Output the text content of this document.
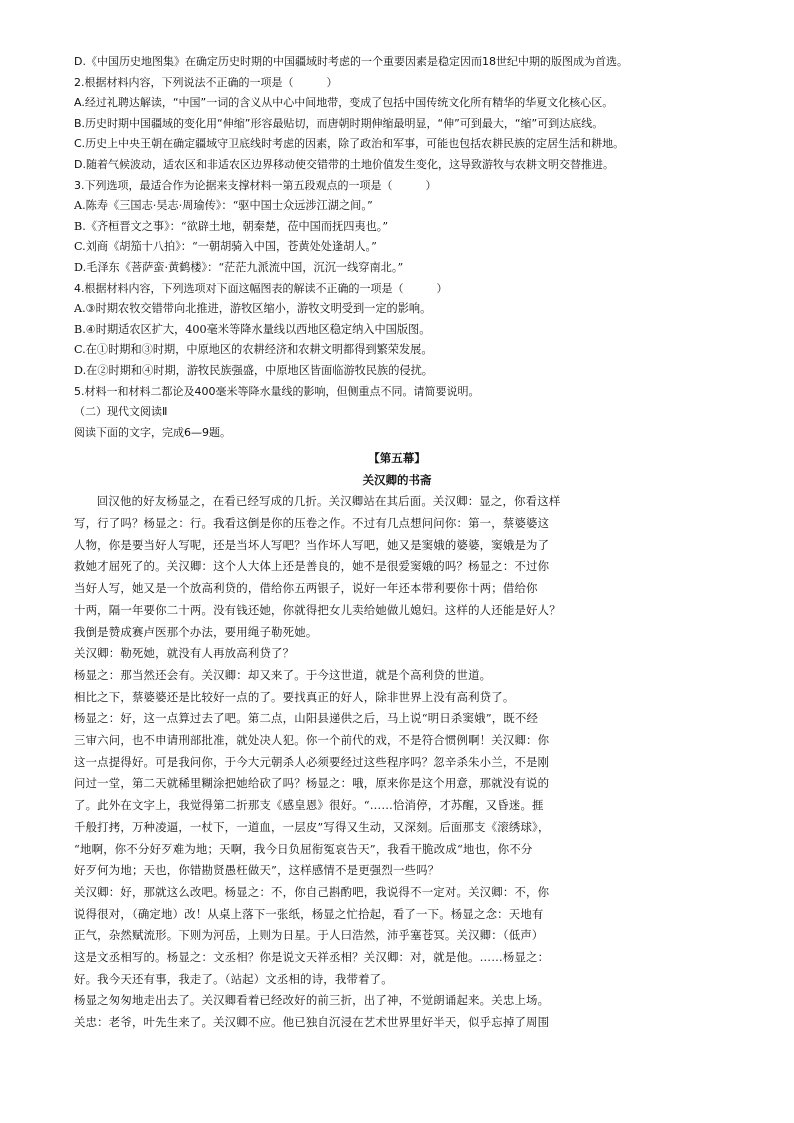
D.《中国历史地图集》在确定历史时期的中国疆域时考虑的一个重要因素是稳定因而18世纪中期的版图成为首选。
2.根据材料内容，下列说法不正确的一项是（　　　）
A.经过礼聘达解读，“中国”一词的含义从中心中间地带，变成了包括中国传统文化所有精华的华夏文化核心区。
B.历史时期中国疆域的变化用“伸缩”形容最贴切，而唐朝时期伸缩最明显，“伸”可到最大，“缩”可到达底线。
C.历史上中央王朝在确定疆域守卫底线时考虑的因素，除了政治和军事，可能也包括农耕民族的定居生活和耕地。
D.随着气候波动，适农区和非适农区边界移动使交错带的土地价值发生变化，这导致游牧与农耕文明交替推进。
3.下列选项，最适合作为论据来支撑材料一第五段观点的一项是（　　　）
A.陈寿《三国志·吴志·周瑜传》：“驱中国士众远涉江湖之间。”
B.《齐桓晋文之事》：“欲辟土地，朝秦楚，莅中国而抚四夷也。”
C.刘商《胡笳十八拍》：“一朝胡骑入中国，苍黄处处逢胡人。”
D.毛泽东《菩萨蛮·黄鹤楼》：“茫茫九派流中国，沉沉一线穿南北。”
4.根据材料内容，下列选项对下面这幅图表的解读不正确的一项是（　　　）
A.③时期农牧交错带向北推进，游牧区缩小，游牧文明受到一定的影响。
B.④时期适农区扩大，400毫米等降水量线以西地区稳定纳入中国版图。
C.在①时期和③时期，中原地区的农耕经济和农耕文明都得到繁荣发展。
D.在②时期和④时期，游牧民族强盛，中原地区皆面临游牧民族的侵扰。
5.材料一和材料二都论及400毫米等降水量线的影响，但侧重点不同。请简要说明。
（二）现代文阅读Ⅱ
阅读下面的文字，完成6—9题。
【第五幕】
关汉卿的书斋
回汉他的好友杨显之，在看已经写成的几折。关汉卿站在其后面。关汉卿：显之，你看这样
写，行了吗？杨显之：行。我看这倒是你的压卷之作。不过有几点想问问你：第一，蔡婆婆这
人物，你是要当好人写呢，还是当坏人写吧？当作坏人写吧，她又是窦娥的婆婆，窦娥是为了
救她才屈死了的。关汉卿：这个人大体上还是善良的，她不是很爱窦娥的吗？杨显之：不过你
当好人写，她又是一个放高利贷的，借给你五两银子，说好一年还本带利要你十两；借给你
十两，隔一年要你二十两。没有钱还她，你就得把女儿卖给她做儿媳妇。这样的人还能是好人？
我倒是赞成赛卢医那个办法，要用绳子勒死她。
关汉卿：勒死她，就没有人再放高利贷了？
杨显之：那当然还会有。关汉卿：却又来了。于今这世道，就是个高利贷的世道。
相比之下，蔡婆婆还是比较好一点的了。要找真正的好人，除非世界上没有高利贷了。
杨显之：好，这一点算过去了吧。第二点，山阳县递供之后，马上说“明日杀窦娥”，既不经
三审六问，也不申请刑部批准，就处决人犯。你一个前代的戏，不是符合惯例啊！关汉卿：你
这一点提得好。可是我问你，于今大元朝杀人必须要经过这些程序吗？忽辛杀朱小兰，不是刚
问过一堂，第二天就稀里糊涂把她给砍了吗？杨显之：哦，原来你是这个用意，那就没有说的
了。此外在文字上，我觉得第二折那支《感皇恩》很好。“……恰消停，才苏醒，又昏迷。捱
千般打拷，万种凌逼，一杖下，一道血，一层皮”写得又生动，又深刻。后面那支《滚绣球》，
“地啊，你不分好歹难为地；天啊，我今日负屈衔冤哀告天”，我看干脆改成“地也，你不分
好歹何为地；天也，你错勘贤愚枉做天”，这样感情不是更强烈一些吗？
关汉卿：好，那就这么改吧。杨显之：不，你自己斟酌吧，我说得不一定对。关汉卿：不，你
说得很对，（确定地）改！从桌上落下一张纸，杨显之忙拾起，看了一下。杨显之念：天地有
正气，杂然赋流形。下则为河岳，上则为日星。于人曰浩然，沛乎塞苍冥。关汉卿：（低声）
这是文丞相写的。杨显之：文丞相？你是说文天祥丞相？关汉卿：对，就是他。……杨显之：
好。我今天还有事，我走了。（站起）文丞相的诗，我带着了。
杨显之匆匆地走出去了。关汉卿看着已经改好的前三折，出了神，不觉朗诵起来。关忠上场。
关忠：老爷，叶先生来了。关汉卿不应。他已独自沉浸在艺术世界里好半天，似乎忘掉了周围
